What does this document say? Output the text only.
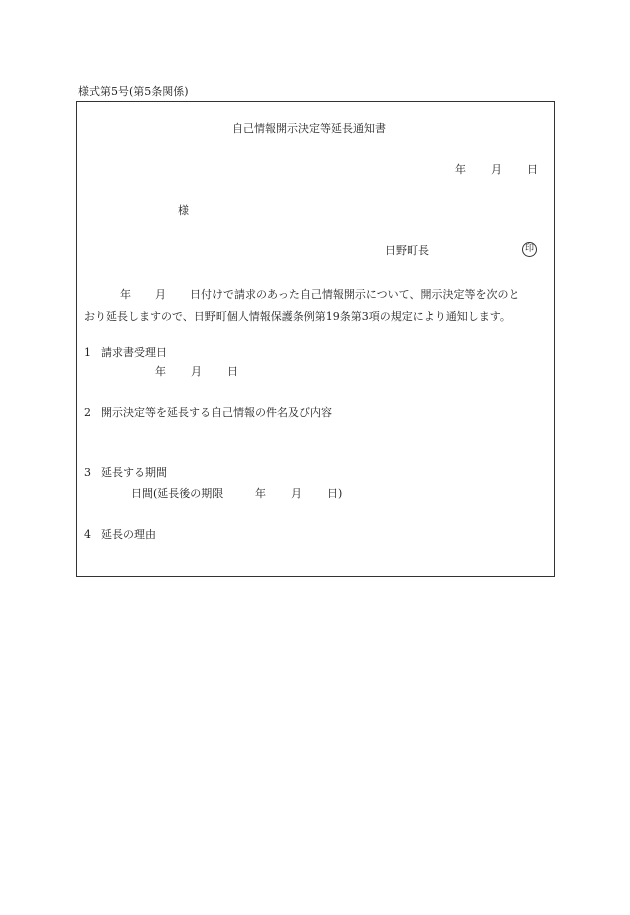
様式第5号(第5条関係)
自己情報開示決定等延長通知書
年 月 日
様
日野町長	印
年 月 日付けで請求のあった自己情報開示について、開示決定等を次のと
おり延長しますので、日野町個人情報保護条例第19条第3項の規定により通知します。
1 請求書受理日
年 月 日
2 開示決定等を延長する自己情報の件名及び内容
3 延長する期間
日間(延長後の期限	年 月 日)
4 延長の理由
